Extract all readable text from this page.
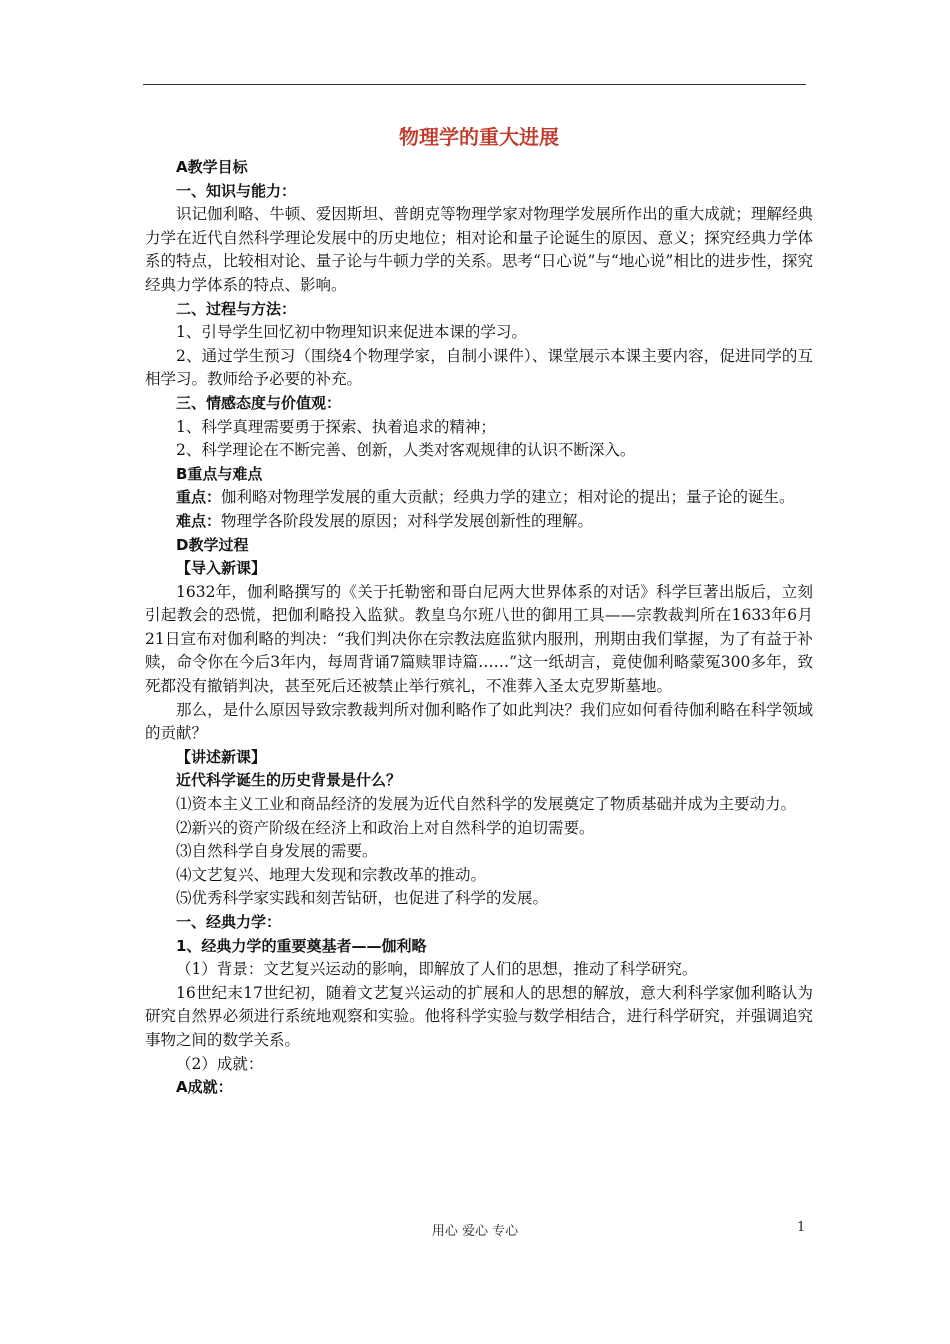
物理学的重大进展

A教学目标

一、知识与能力：

识记伽利略、牛顿、爱因斯坦、普朗克等物理学家对物理学发展所作出的重大成就；理解经典力学在近代自然科学理论发展中的历史地位；相对论和量子论诞生的原因、意义；探究经典力学体系的特点，比较相对论、量子论与牛顿力学的关系。思考“日心说”与“地心说”相比的进步性，探究经典力学体系的特点、影响。

二、过程与方法：

1、引导学生回忆初中物理知识来促进本课的学习。

2、通过学生预习（围绕4个物理学家，自制小课件）、课堂展示本课主要内容，促进同学的互相学习。教师给予必要的补充。

三、情感态度与价值观：

1、科学真理需要勇于探索、执着追求的精神；

2、科学理论在不断完善、创新，人类对客观规律的认识不断深入。

B重点与难点

重点：伽利略对物理学发展的重大贡献；经典力学的建立；相对论的提出；量子论的诞生。

难点：物理学各阶段发展的原因；对科学发展创新性的理解。

D教学过程

【导入新课】

1632年，伽利略撰写的《关于托勒密和哥白尼两大世界体系的对话》科学巨著出版后，立刻引起教会的恐慌，把伽利略投入监狱。教皇乌尔班八世的御用工具——宗教裁判所在1633年6月21日宣布对伽利略的判决：“我们判决你在宗教法庭监狱内服刑，刑期由我们掌握，为了有益于补赎，命令你在今后3年内，每周背诵7篇赎罪诗篇……”这一纸胡言，竟使伽利略蒙冤300多年，致死都没有撤销判决，甚至死后还被禁止举行殡礼，不准葬入圣太克罗斯墓地。

那么，是什么原因导致宗教裁判所对伽利略作了如此判决？我们应如何看待伽利略在科学领域的贡献？

【讲述新课】

近代科学诞生的历史背景是什么？

⑴资本主义工业和商品经济的发展为近代自然科学的发展奠定了物质基础并成为主要动力。

⑵新兴的资产阶级在经济上和政治上对自然科学的迫切需要。

⑶自然科学自身发展的需要。

⑷文艺复兴、地理大发现和宗教改革的推动。

⑸优秀科学家实践和刻苦钻研，也促进了科学的发展。

一、经典力学：

1、经典力学的重要奠基者——伽利略

（1）背景：文艺复兴运动的影响，即解放了人们的思想，推动了科学研究。

16世纪末17世纪初，随着文艺复兴运动的扩展和人的思想的解放，意大利科学家伽利略认为研究自然界必须进行系统地观察和实验。他将科学实验与数学相结合，进行科学研究，并强调追究事物之间的数学关系。

（2）成就：

A成就：

用心 爱心 专心	1
